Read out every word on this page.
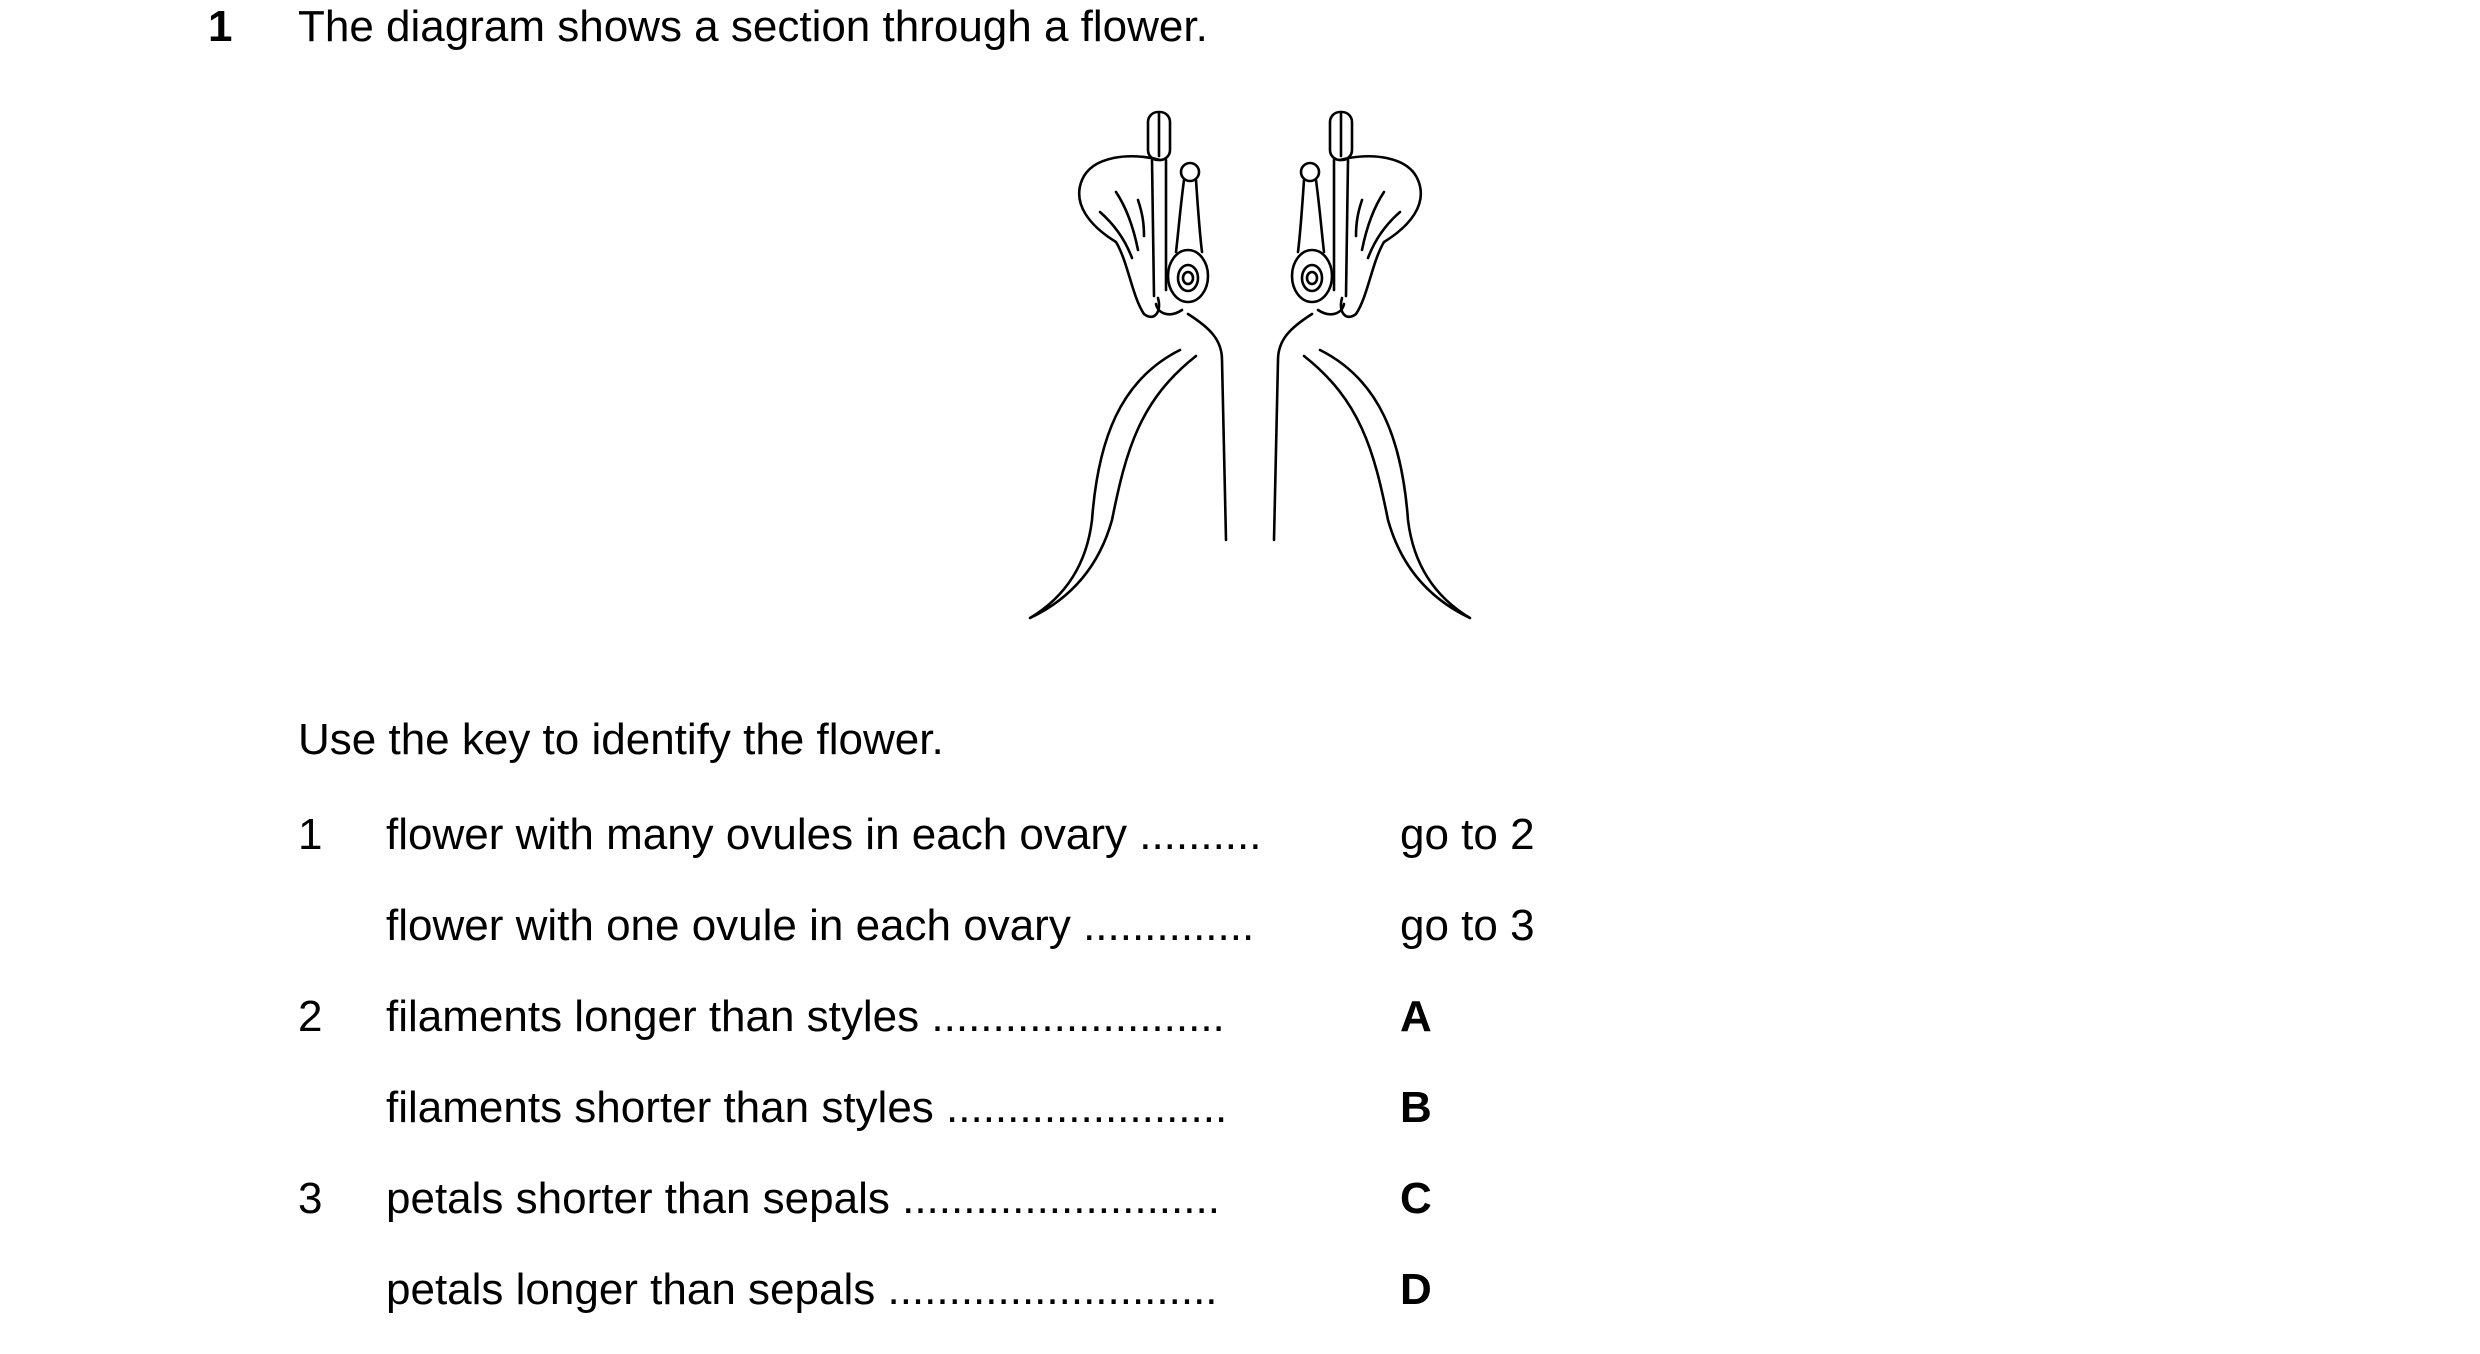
1 The diagram shows a section through a flower.
Use the key to identify the flower.
1 flower with many ovules in each ovary ..........	go to 2
flower with one ovule in each ovary ..............	go to 3
2 filaments longer than styles ........................	A
filaments shorter than styles .......................	B
3 petals shorter than sepals ..........................	C
petals longer than sepals ...........................	D
